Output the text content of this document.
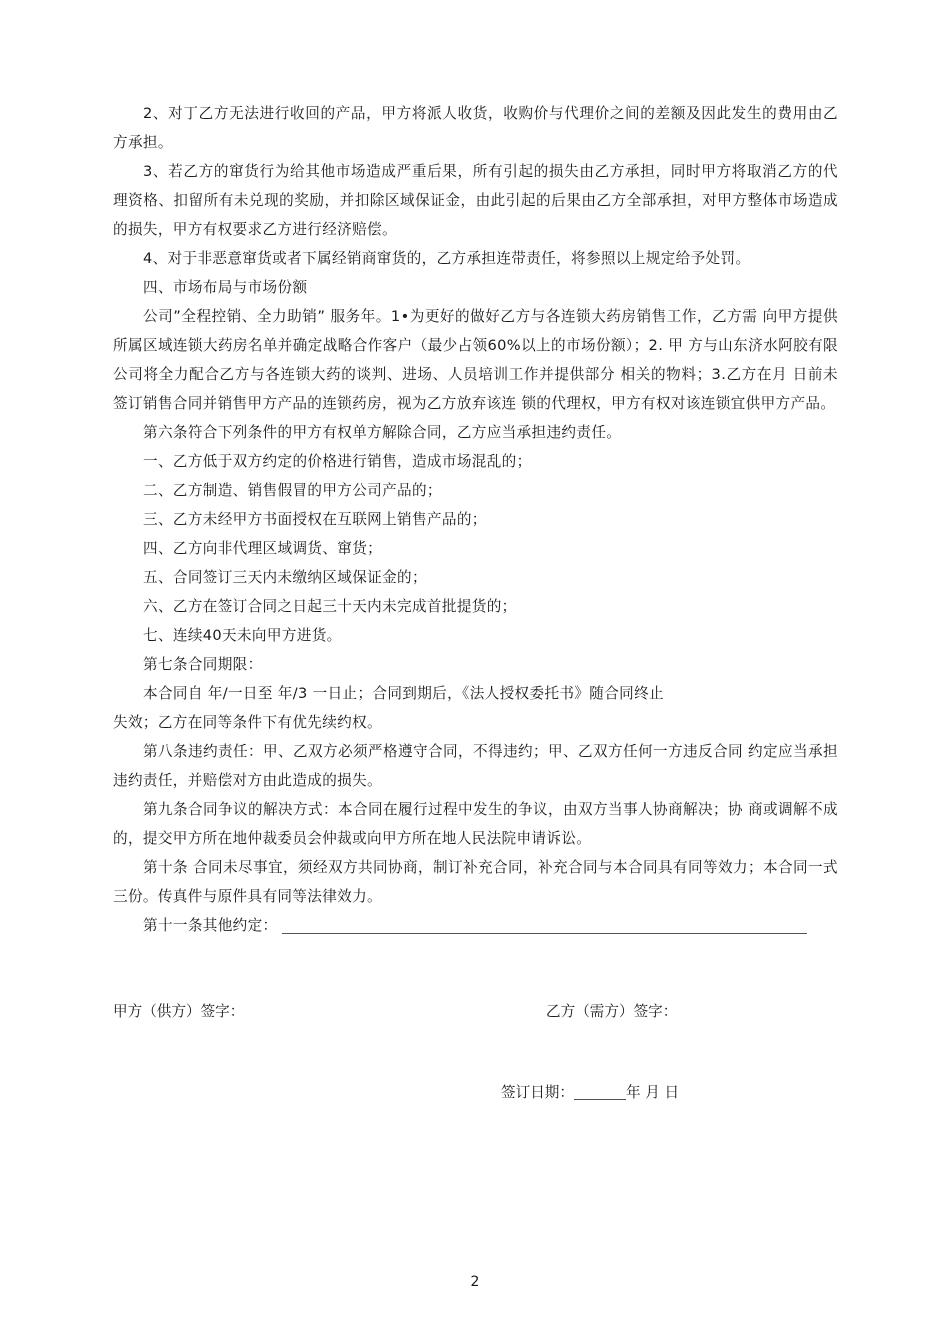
2、对丁乙方无法进行收回的产品，甲方将派人收货，收购价与代理价之间的差额及因此发生的费用由乙方承担。

3、若乙方的窜货行为给其他市场造成严重后果，所有引起的损失由乙方承担，同时甲方将取消乙方的代理资格、扣留所有未兑现的奖励，并扣除区域保证金，由此引起的后果由乙方全部承担，对甲方整体市场造成的损失，甲方有权要求乙方进行经济赔偿。

4、对于非恶意窜货或者下属经销商窜货的，乙方承担连带责任，将参照以上规定给予处罚。

四、市场布局与市场份额

公司”全程控销、全力助销” 服务年。1•为更好的做好乙方与各连锁大药房销售工作，乙方需 向甲方提供所属区域连锁大药房名单并确定战略合作客户（最少占领60%以上的市场份额）；2. 甲 方与山东济水阿胶有限公司将全力配合乙方与各连锁大药的谈判、进场、人员培训工作并提供部分 相关的物料；3.乙方在月 日前未签订销售合同并销售甲方产品的连锁药房，视为乙方放弃该连 锁的代理权，甲方有权对该连锁宜供甲方产品。

第六条符合下列条件的甲方有权单方解除合同，乙方应当承担违约责任。

一、乙方低于双方约定的价格进行销售，造成市场混乱的；

二、乙方制造、销售假冒的甲方公司产品的；

三、乙方未经甲方书面授权在互联网上销售产品的；

四、乙方向非代理区域调货、窜货；

五、合同签订三天内未缴纳区域保证金的；

六、乙方在签订合同之日起三十天内未完成首批提货的；

七、连续40天未向甲方进货。

第七条合同期限：

本合同自 年/一日至 年/3 一日止；合同到期后，《法人授权委托书》随合同终止

失效；乙方在同等条件下有优先续约权。

第八条违约责任：甲、乙双方必须严格遵守合同，不得违约；甲、乙双方任何一方违反合同 约定应当承担违约责任，并赔偿对方由此造成的损失。

第九条合同争议的解决方式：本合同在履行过程中发生的争议，由双方当事人协商解决；协 商或调解不成的，提交甲方所在地仲裁委员会仲裁或向甲方所在地人民法院申请诉讼。

第十条 合同未尽事宜，须经双方共同协商，制订补充合同，补充合同与本合同具有同等效力；本合同一式三份。传真件与原件具有同等法律效力。

第十一条其他约定：

甲方（供方）签字：	乙方（需方）签字：
签订日期：	年 月 日
2
